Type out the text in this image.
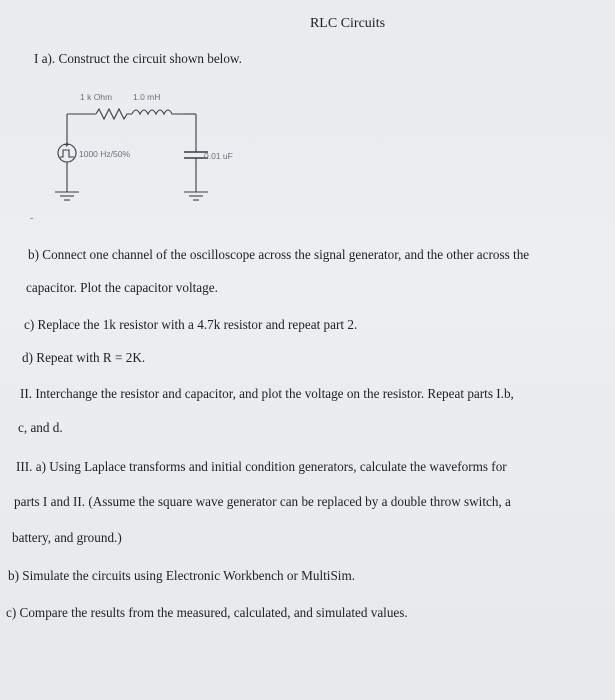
RLC Circuits
I a). Construct the circuit shown below.
1 k Ohm 1.0 mH
0.01 uF
+
1000 Hz/50%
-
b) Connect one channel of the oscilloscope across the signal generator, and the other across the
capacitor. Plot the capacitor voltage.
c) Replace the 1k resistor with a 4.7k resistor and repeat part 2.
d) Repeat with R = 2K.
II. Interchange the resistor and capacitor, and plot the voltage on the resistor. Repeat parts I.b,
c, and d.
III. a) Using Laplace transforms and initial condition generators, calculate the waveforms for
parts I and II. (Assume the square wave generator can be replaced by a double throw switch, a
battery, and ground.)
b) Simulate the circuits using Electronic Workbench or MultiSim.
c) Compare the results from the measured, calculated, and simulated values.
